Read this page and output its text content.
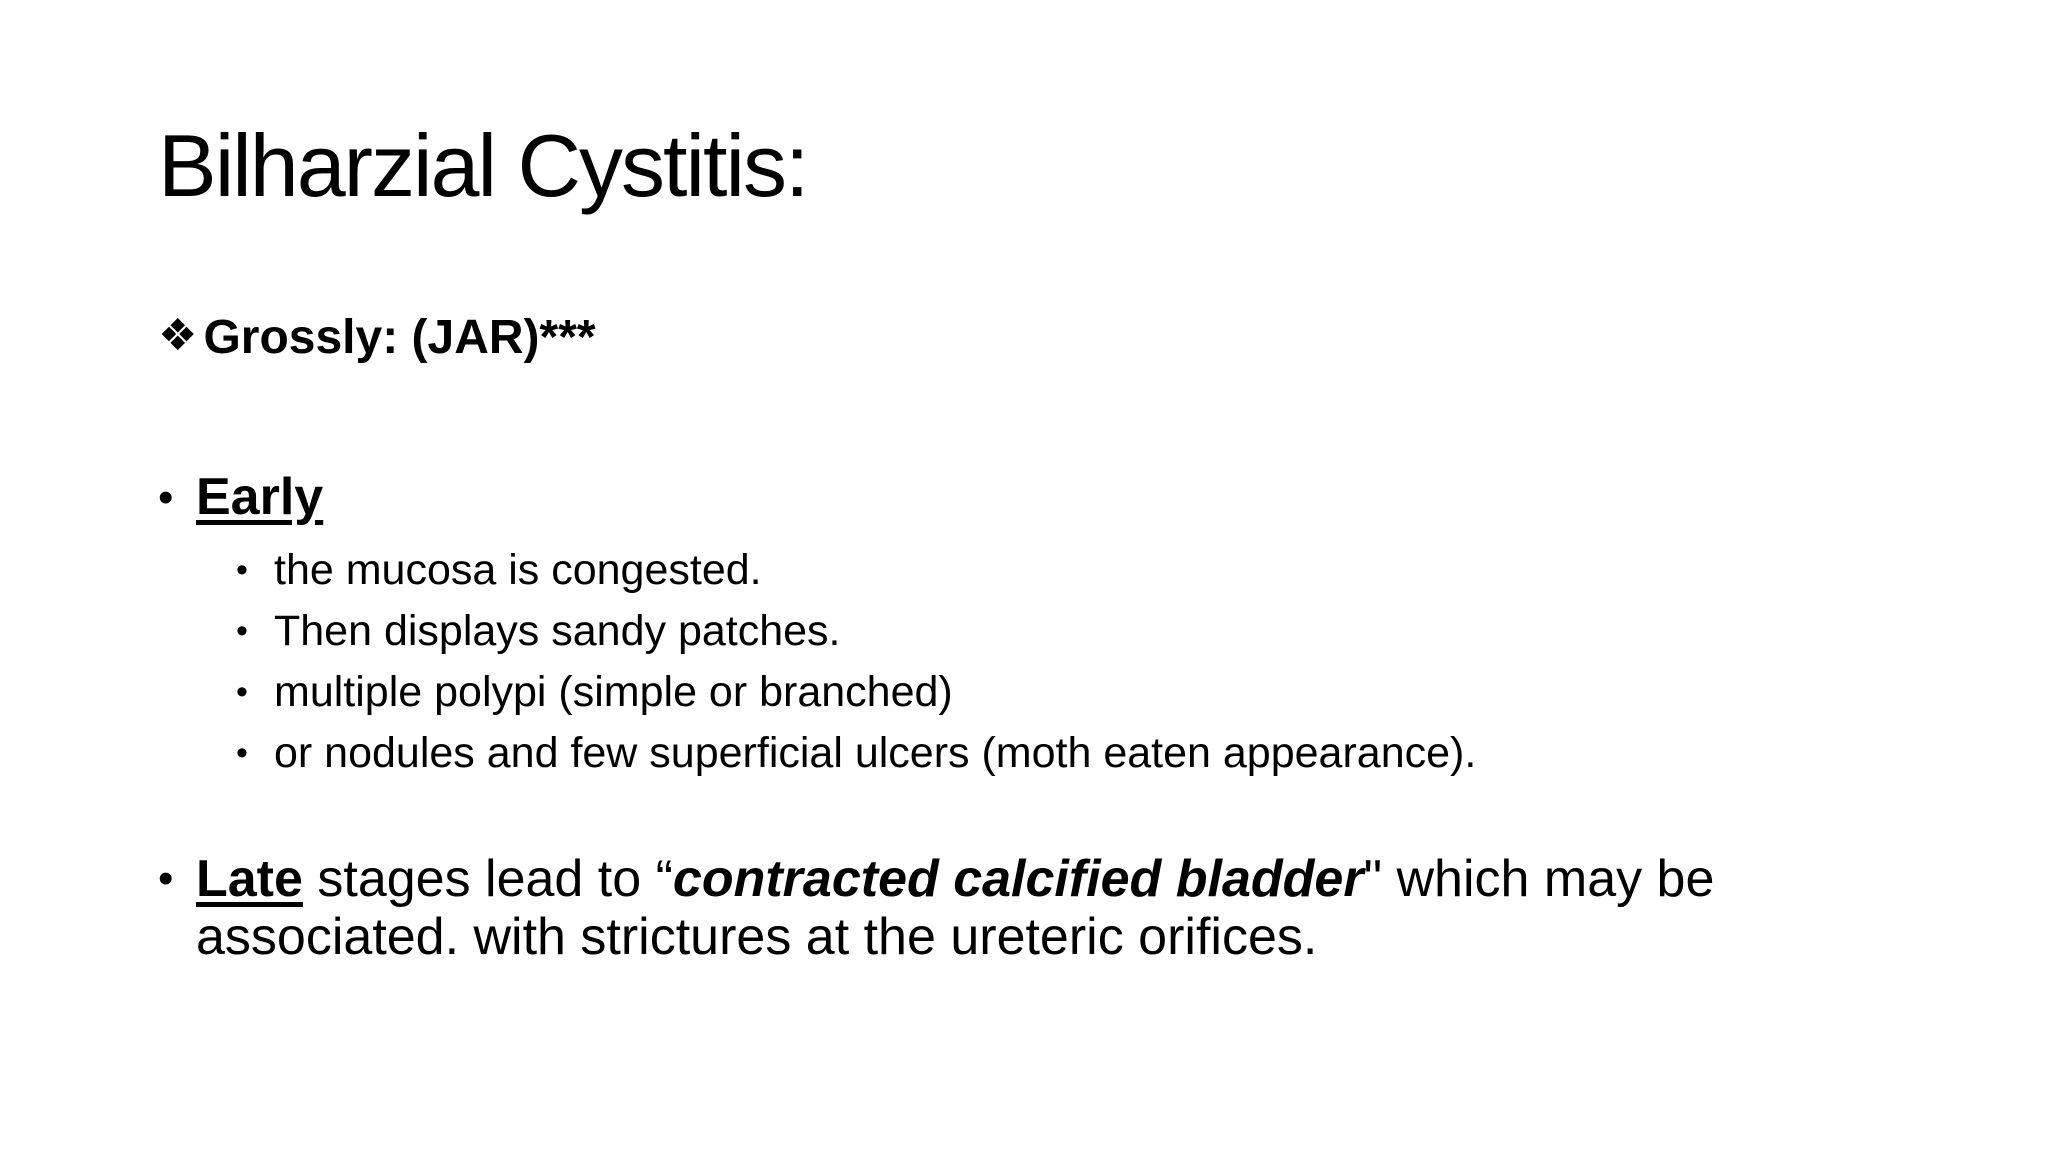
Bilharzial Cystitis:
❖ Grossly: (JAR)***
• Early
• the mucosa is congested.
• Then displays sandy patches.
• multiple polypi (simple or branched)
• or nodules and few superficial ulcers (moth eaten appearance).
• Late stages lead to “contracted calcified bladder" which may be associated. with strictures at the ureteric orifices.
